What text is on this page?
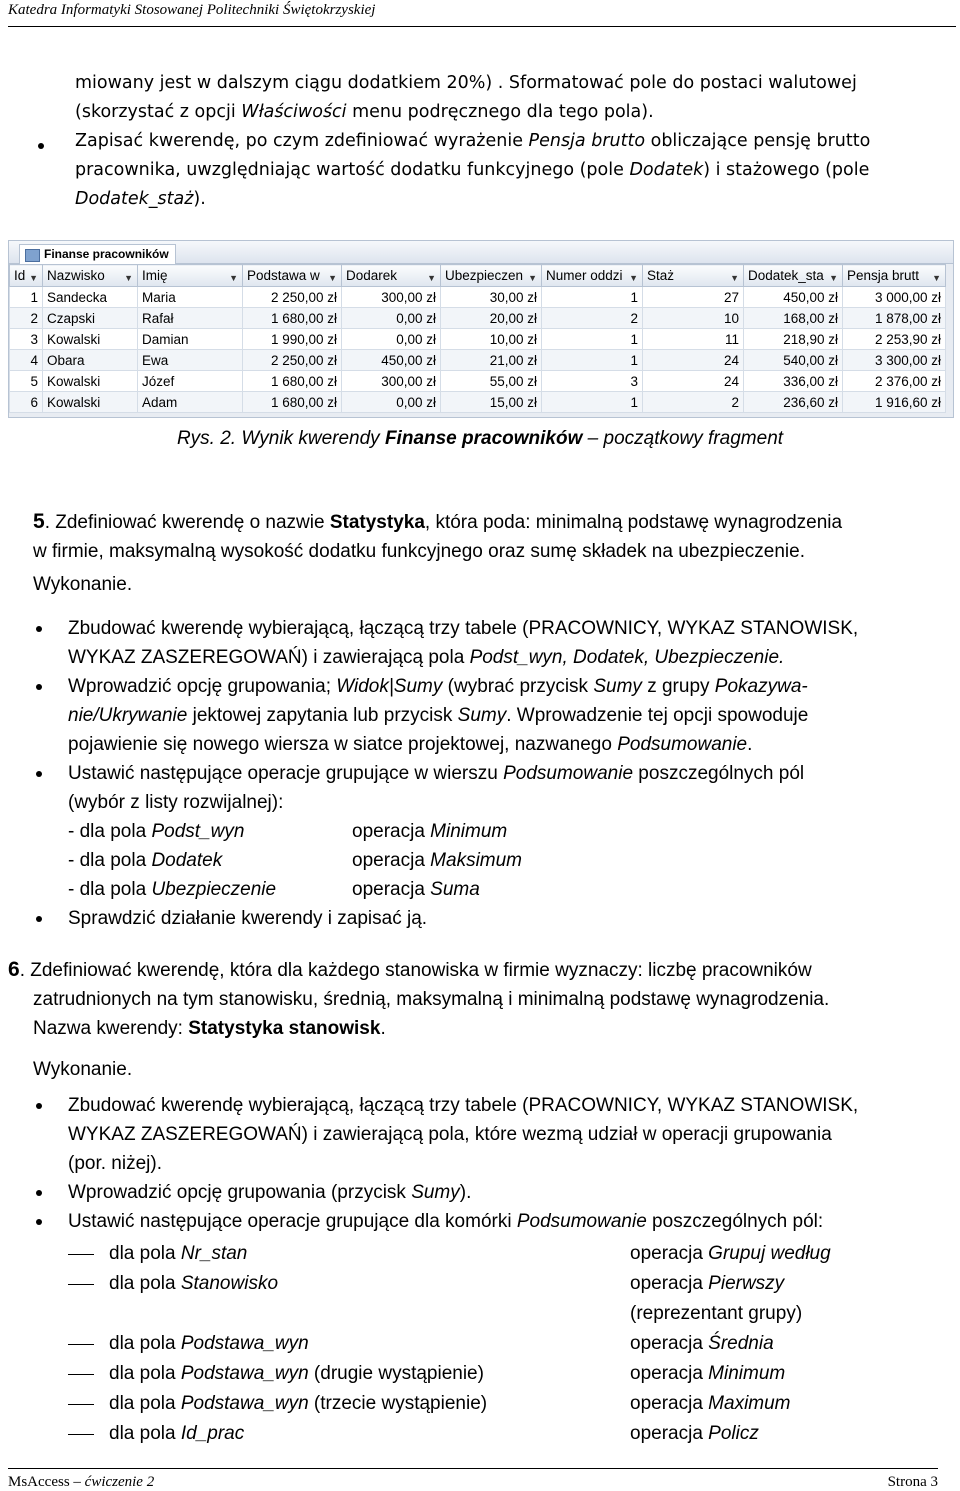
Katedra Informatyki Stosowanej Politechniki Świętokrzyskiej
miowany jest w dalszym ciągu dodatkiem 20%) . Sformatować pole do postaci walutowej
(skorzystać z opcji Właściwości menu podręcznego dla tego pola).
Zapisać kwerendę, po czym zdefiniować wyrażenie Pensja brutto obliczające pensję brutto
pracownika, uwzględniając wartość dodatku funkcyjnego (pole Dodatek) i stażowego (pole
Dodatek_staż).
Finanse pracowników
Id ▼	Nazwisko ▼	Imię ▼	Podstawa w ▼	Dodarek ▼	Ubezpieczen ▼	Numer oddzi ▼	Staż ▼	Dodatek_sta ▼	Pensja brutt ▼

1	Sandecka	Maria	2 250,00 zł	300,00 zł	30,00 zł	1	27	450,00 zł	3 000,00 zł
2	Czapski	Rafał	1 680,00 zł	0,00 zł	20,00 zł	2	10	168,00 zł	1 878,00 zł
3	Kowalski	Damian	1 990,00 zł	0,00 zł	10,00 zł	1	11	218,90 zł	2 253,90 zł
4	Obara	Ewa	2 250,00 zł	450,00 zł	21,00 zł	1	24	540,00 zł	3 300,00 zł
5	Kowalski	Józef	1 680,00 zł	300,00 zł	55,00 zł	3	24	336,00 zł	2 376,00 zł
6	Kowalski	Adam	1 680,00 zł	0,00 zł	15,00 zł	1	2	236,60 zł	1 916,60 zł
Rys. 2. Wynik kwerendy Finanse pracowników – początkowy fragment
5. Zdefiniować kwerendę o nazwie Statystyka, która poda: minimalną podstawę wynagrodzenia
w firmie, maksymalną wysokość dodatku funkcyjnego oraz sumę składek na ubezpieczenie.
Wykonanie.
Zbudować kwerendę wybierającą, łączącą trzy tabele (PRACOWNICY, WYKAZ STANOWISK,
WYKAZ ZASZEREGOWAŃ) i zawierającą pola Podst_wyn, Dodatek, Ubezpieczenie.
Wprowadzić opcję grupowania; Widok|Sumy (wybrać przycisk Sumy z grupy Pokazywa-
nie/Ukrywanie jektowej zapytania lub przycisk Sumy. Wprowadzenie tej opcji spowoduje
pojawienie się nowego wiersza w siatce projektowej, nazwanego Podsumowanie.
Ustawić następujące operacje grupujące w wierszu Podsumowanie poszczególnych pól
(wybór z listy rozwijalnej):
- dla pola Podst_wyn	operacja Minimum
- dla pola Dodatek	operacja Maksimum
- dla pola Ubezpieczenie	operacja Suma
Sprawdzić działanie kwerendy i zapisać ją.
6. Zdefiniować kwerendę, która dla każdego stanowiska w firmie wyznaczy: liczbę pracowników
zatrudnionych na tym stanowisku, średnią, maksymalną i minimalną podstawę wynagrodzenia.
Nazwa kwerendy: Statystyka stanowisk.
Wykonanie.
Zbudować kwerendę wybierającą, łączącą trzy tabele (PRACOWNICY, WYKAZ STANOWISK,
WYKAZ ZASZEREGOWAŃ) i zawierającą pola, które wezmą udział w operacji grupowania
(por. niżej).
Wprowadzić opcję grupowania (przycisk Sumy).
Ustawić następujące operacje grupujące dla komórki Podsumowanie poszczególnych pól:
dla pola Nr_stan	operacja Grupuj według
dla pola Stanowisko	operacja Pierwszy
(reprezentant grupy)
dla pola Podstawa_wyn	operacja Średnia
dla pola Podstawa_wyn (drugie wystąpienie)	operacja Minimum
dla pola Podstawa_wyn (trzecie wystąpienie)	operacja Maximum
dla pola Id_prac	operacja Policz
MsAccess – ćwiczenie 2	Strona 3
